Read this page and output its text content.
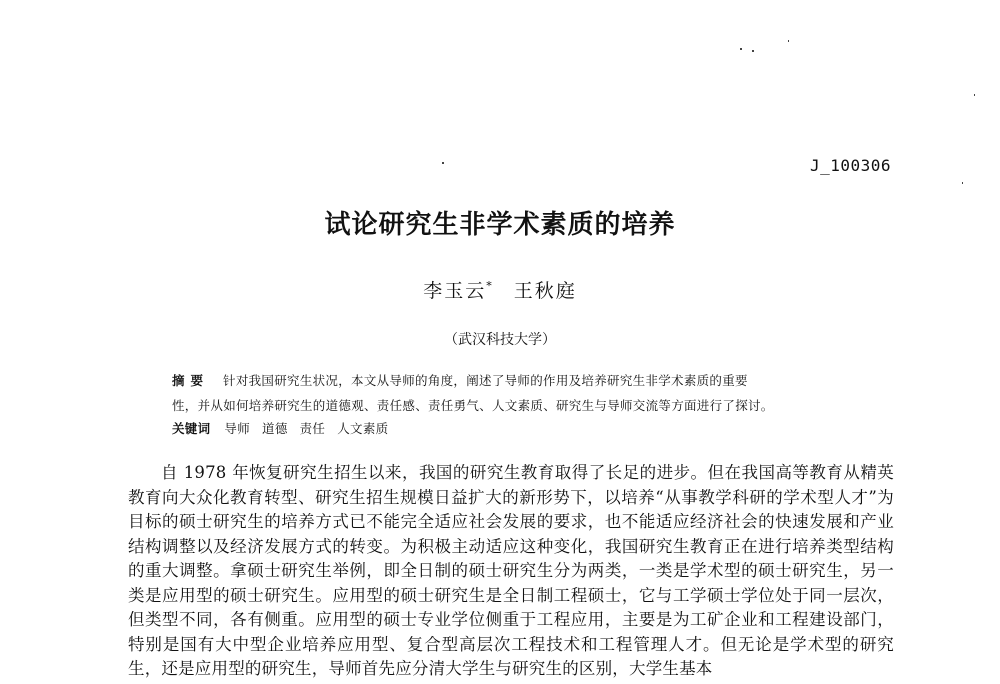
J_100306
试论研究生非学术素质的培养
李玉云* 王秋庭
（武汉科技大学）
摘要 针对我国研究生状况，本文从导师的角度，阐述了导师的作用及培养研究生非学术素质的重要
性，并从如何培养研究生的道德观、责任感、责任勇气、人文素质、研究生与导师交流等方面进行了探讨。
关键词 导师 道德 责任 人文素质
自 1978 年恢复研究生招生以来，我国的研究生教育取得了长足的进步。但在我国高等教育从精英教育向大众化教育转型、研究生招生规模日益扩大的新形势下，以培养“从事教学科研的学术型人才”为目标的硕士研究生的培养方式已不能完全适应社会发展的要求，也不能适应经济社会的快速发展和产业结构调整以及经济发展方式的转变。为积极主动适应这种变化，我国研究生教育正在进行培养类型结构的重大调整。拿硕士研究生举例，即全日制的硕士研究生分为两类，一类是学术型的硕士研究生，另一类是应用型的硕士研究生。应用型的硕士研究生是全日制工程硕士，它与工学硕士学位处于同一层次，但类型不同，各有侧重。应用型的硕士专业学位侧重于工程应用，主要是为工矿企业和工程建设部门，特别是国有大中型企业培养应用型、复合型高层次工程技术和工程管理人才。但无论是学术型的研究生，还是应用型的研究生，导师首先应分清大学生与研究生的区别，大学生基本
